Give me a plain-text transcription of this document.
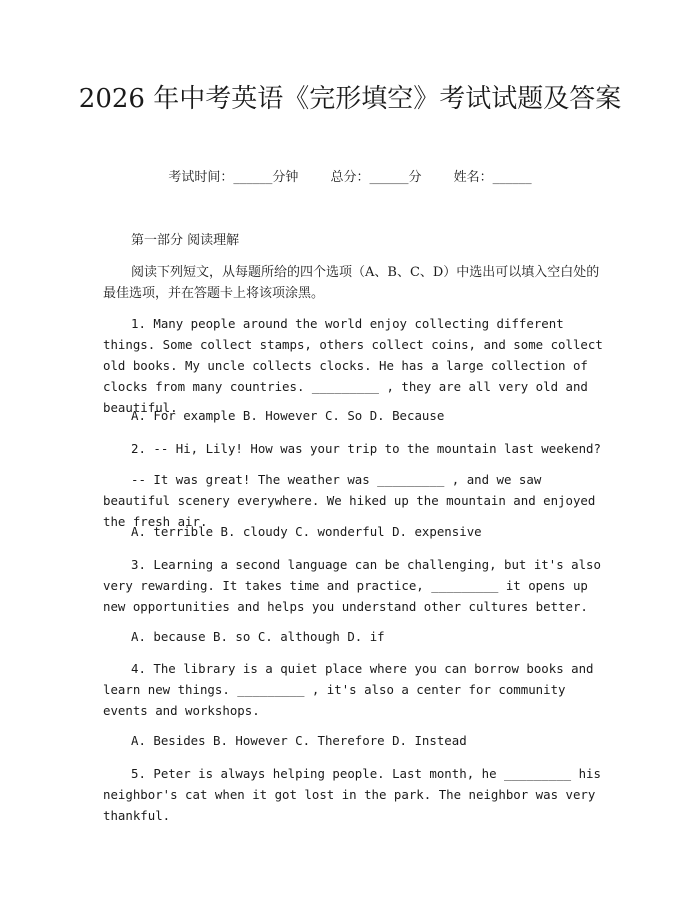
2026 年中考英语《完形填空》考试试题及答案
考试时间：______分钟 总分：______分 姓名：______
第一部分 阅读理解

阅读下列短文，从每题所给的四个选项（A、B、C、D）中选出可以填入空白处的最佳选项，并在答题卡上将该项涂黑。

1. Many people around the world enjoy collecting different things. Some collect stamps, others collect coins, and some collect old books. My uncle collects clocks. He has a large collection of clocks from many countries. _________ , they are all very old and beautiful.

A. For example B. However C. So D. Because

2. -- Hi, Lily! How was your trip to the mountain last weekend?

-- It was great! The weather was _________ , and we saw beautiful scenery everywhere. We hiked up the mountain and enjoyed the fresh air.

A. terrible B. cloudy C. wonderful D. expensive

3. Learning a second language can be challenging, but it's also very rewarding. It takes time and practice, _________ it opens up new opportunities and helps you understand other cultures better.

A. because B. so C. although D. if

4. The library is a quiet place where you can borrow books and learn new things. _________ , it's also a center for community events and workshops.

A. Besides B. However C. Therefore D. Instead

5. Peter is always helping people. Last month, he _________ his neighbor's cat when it got lost in the park. The neighbor was very thankful.
